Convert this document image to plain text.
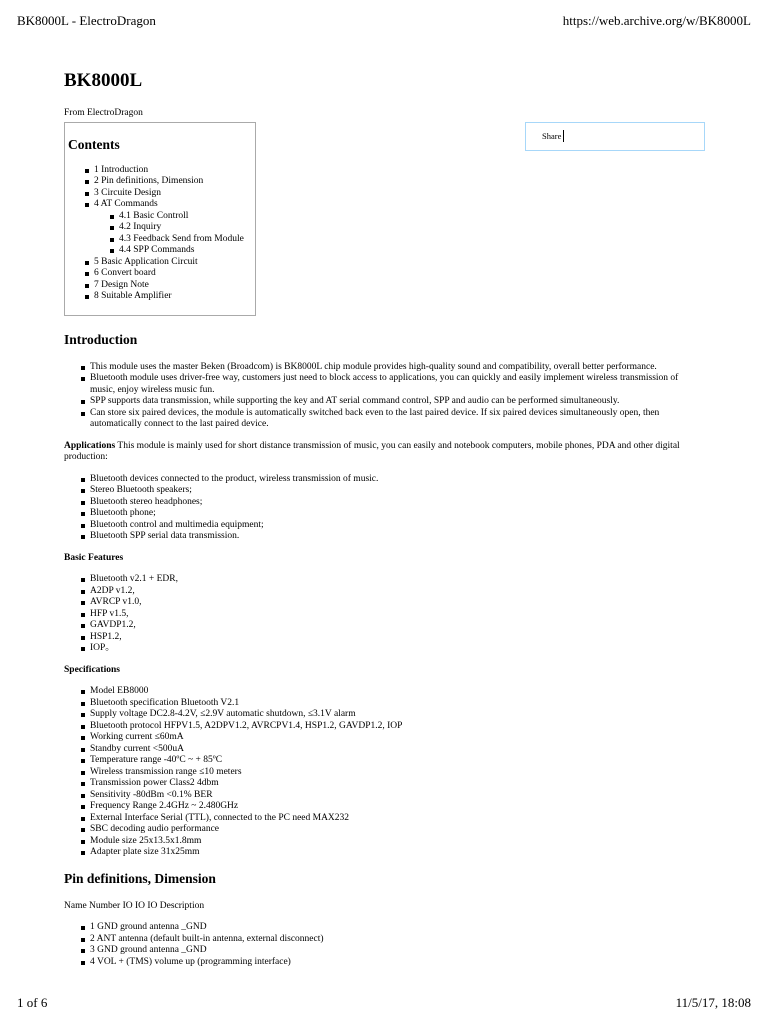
BK8000L - ElectroDragon	https://web.archive.org/w/BK8000L
BK8000L
From ElectroDragon
Contents
1 Introduction
2 Pin definitions, Dimension
3 Circuite Design
4 AT Commands
4.1 Basic Controll
4.2 Inquiry
4.3 Feedback Send from Module
4.4 SPP Commands
5 Basic Application Circuit
6 Convert board
7 Design Note
8 Suitable Amplifier
Share
Introduction
This module uses the master Beken (Broadcom) is BK8000L chip module provides high-quality sound and compatibility, overall better performance.
Bluetooth module uses driver-free way, customers just need to block access to applications, you can quickly and easily implement wireless transmission of music, enjoy wireless music fun.
SPP supports data transmission, while supporting the key and AT serial command control, SPP and audio can be performed simultaneously.
Can store six paired devices, the module is automatically switched back even to the last paired device. If six paired devices simultaneously open, then automatically connect to the last paired device.

Applications This module is mainly used for short distance transmission of music, you can easily and notebook computers, mobile phones, PDA and other digital production:

Bluetooth devices connected to the product, wireless transmission of music.
Stereo Bluetooth speakers;
Bluetooth stereo headphones;
Bluetooth phone;
Bluetooth control and multimedia equipment;
Bluetooth SPP serial data transmission.
Basic Features
Bluetooth v2.1 + EDR,
A2DP v1.2,
AVRCP v1.0,
HFP v1.5,
GAVDP1.2,
HSP1.2,
IOP。
Specifications
Model EB8000
Bluetooth specification Bluetooth V2.1
Supply voltage DC2.8-4.2V, ≤2.9V automatic shutdown, ≤3.1V alarm
Bluetooth protocol HFPV1.5, A2DPV1.2, AVRCPV1.4, HSP1.2, GAVDP1.2, IOP
Working current ≤60mA
Standby current <500uA
Temperature range -40ºC ~ + 85ºC
Wireless transmission range ≤10 meters
Transmission power Class2 4dbm
Sensitivity -80dBm <0.1% BER
Frequency Range 2.4GHz ~ 2.480GHz
External Interface Serial (TTL), connected to the PC need MAX232
SBC decoding audio performance
Module size 25x13.5x1.8mm
Adapter plate size 31x25mm
Pin definitions, Dimension

Name Number IO IO IO Description

1 GND ground antenna _GND
2 ANT antenna (default built-in antenna, external disconnect)
3 GND ground antenna _GND
4 VOL + (TMS) volume up (programming interface)
1 of 6	11/5/17, 18:08
